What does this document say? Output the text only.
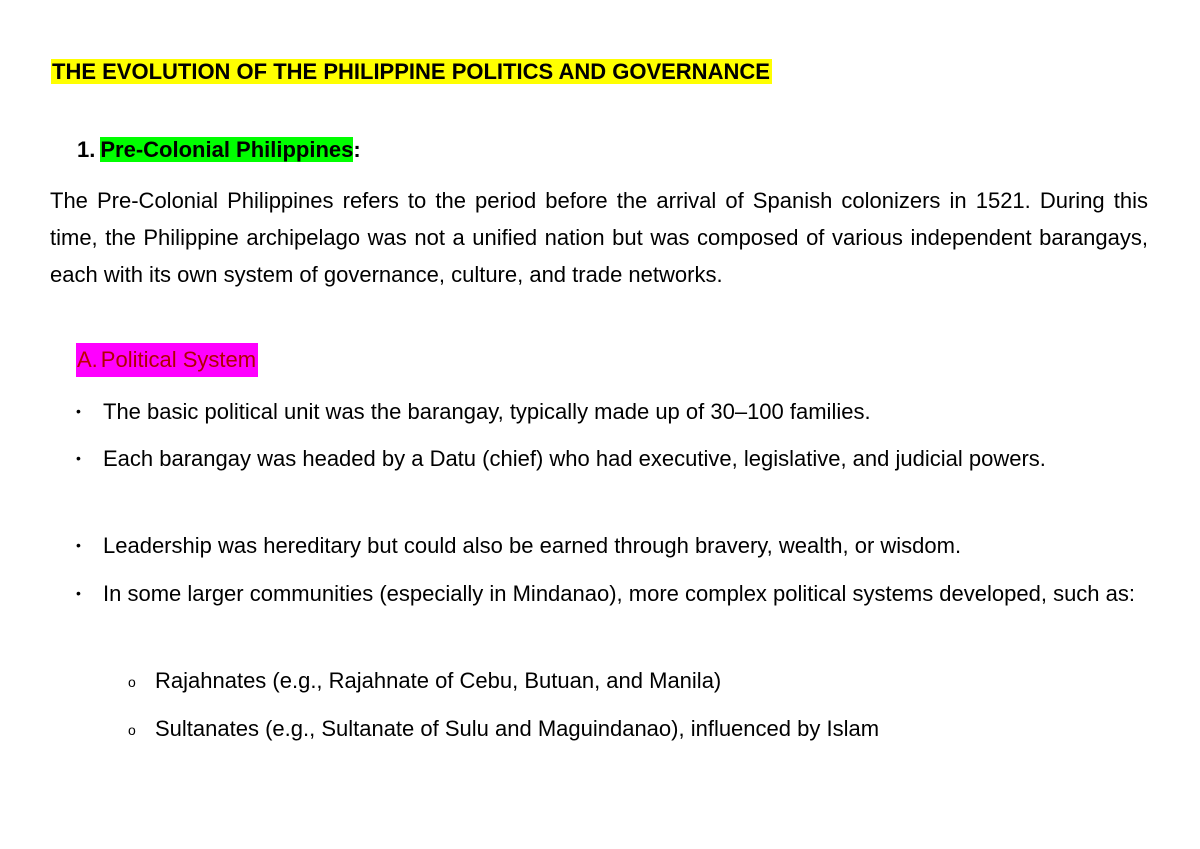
THE EVOLUTION OF THE PHILIPPINE POLITICS AND GOVERNANCE
1. Pre-Colonial Philippines:

The Pre-Colonial Philippines refers to the period before the arrival of Spanish colonizers in 1521. During this time, the Philippine archipelago was not a unified nation but was composed of various independent barangays, each with its own system of governance, culture, and trade networks.

A. Political System
•	The basic political unit was the barangay, typically made up of 30–100 families.
•	Each barangay was headed by a Datu (chief) who had executive, legislative, and judicial powers.
•	Leadership was hereditary but could also be earned through bravery, wealth, or wisdom.
•	In some larger communities (especially in Mindanao), more complex political systems developed, such as:
o Rajahnates (e.g., Rajahnate of Cebu, Butuan, and Manila)
o Sultanates (e.g., Sultanate of Sulu and Maguindanao), influenced by Islam
